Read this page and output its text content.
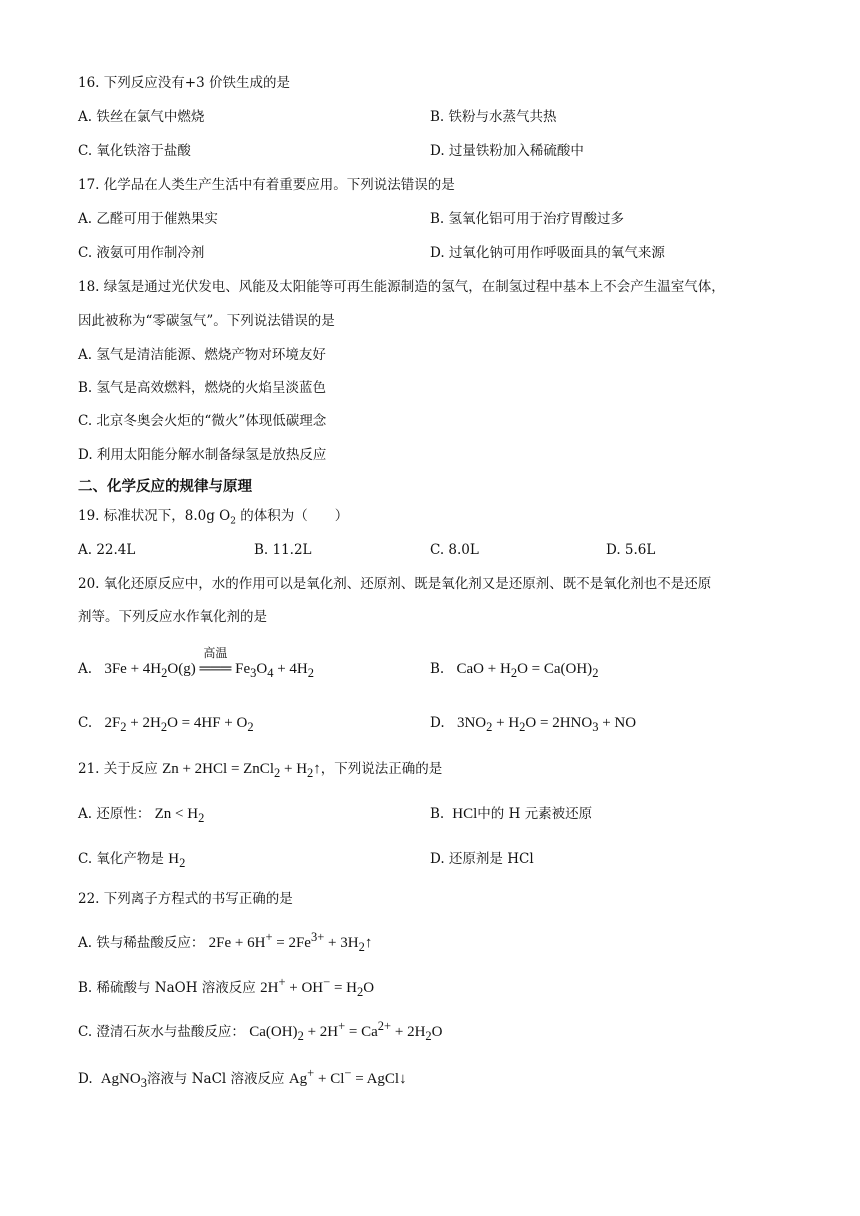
16. 下列反应没有+3 价铁生成的是
A. 铁丝在氯气中燃烧	B. 铁粉与水蒸气共热
C. 氧化铁溶于盐酸	D. 过量铁粉加入稀硫酸中
17. 化学品在人类生产生活中有着重要应用。下列说法错误的是
A. 乙醛可用于催熟果实	B. 氢氧化铝可用于治疗胃酸过多
C. 液氨可用作制冷剂	D. 过氧化钠可用作呼吸面具的氧气来源
18. 绿氢是通过光伏发电、风能及太阳能等可再生能源制造的氢气，在制氢过程中基本上不会产生温室气体，
因此被称为“零碳氢气”。下列说法错误的是
A. 氢气是清洁能源、燃烧产物对环境友好
B. 氢气是高效燃料，燃烧的火焰呈淡蓝色
C. 北京冬奥会火炬的“微火”体现低碳理念
D. 利用太阳能分解水制备绿氢是放热反应
二、化学反应的规律与原理
19. 标准状况下，8.0g $O_2$ 的体积为（　　）
A. 22.4L	B. 11.2L	C. 8.0L	D. 5.6L
20. 氧化还原反应中，水的作用可以是氧化剂、还原剂、既是氧化剂又是还原剂、既不是氧化剂也不是还原
剂等。下列反应水作氧化剂的是
A. $3Fe + 4H_2O(g)$
高温
═══ $Fe_3O_4 + 4H_2$	B. CaO + $H_2O = Ca(OH)_2$
C. $2F_2 + 2H_2O = 4HF + O_2$	D. $3NO_2 + H_2O = 2HNO_3$ + NO
21. 关于反应 Zn + 2HCl = ZnCl$_2$ + $H_2↑$，下列说法正确的是
A. 还原性： $Zn < H_2$	B.  HCl中的 H 元素被还原
C. 氧化产物是 $H_2$	D. 还原剂是 HCl
22. 下列离子方程式的书写正确的是
A. 铁与稀盐酸反应： $2Fe + 6H^+ = 2Fe^{3+}$ + $3H_2↑$
B. 稀硫酸与 NaOH 溶液反应 $2H^+ + OH^- = H_2O$
C. 澄清石灰水与盐酸反应： $Ca(OH)_2 + 2H^+ = Ca^{2+} + 2H_2O$
D.  AgNO$_3$溶液与 NaCl 溶液反应 Ag+ + Cl− = AgCl↓
